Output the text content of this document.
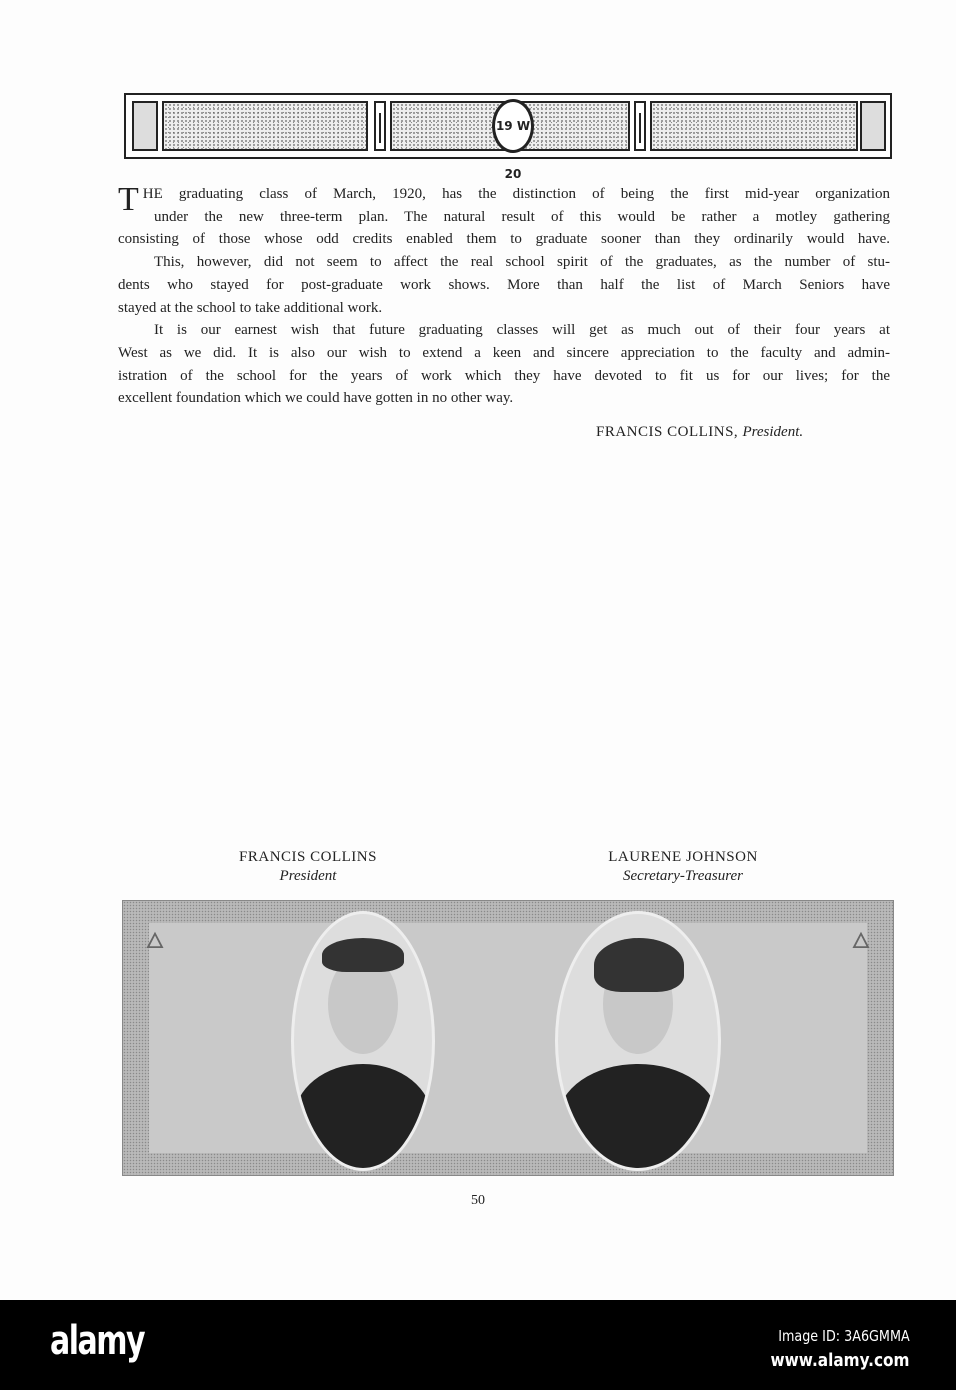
19 W 20

T HE graduating class of March, 1920, has the distinction of being the first mid-year organization
under the new three-term plan. The natural result of this would be rather a motley gathering
consisting of those whose odd credits enabled them to graduate sooner than they ordinarily would have.

This, however, did not seem to affect the real school spirit of the graduates, as the number of stu-
dents who stayed for post-graduate work shows. More than half the list of March Seniors have
stayed at the school to take additional work.

It is our earnest wish that future graduating classes will get as much out of their four years at
West as we did. It is also our wish to extend a keen and sincere appreciation to the faculty and admin-
istration of the school for the years of work which they have devoted to fit us for our lives; for the
excellent foundation which we could have gotten in no other way.

FRANCIS COLLINS, President.
FRANCIS COLLINS
President
LAURENE JOHNSON
Secretary-Treasurer
🜂	🜂
50
alamy	Image ID: 3A6GMMA
www.alamy.com
